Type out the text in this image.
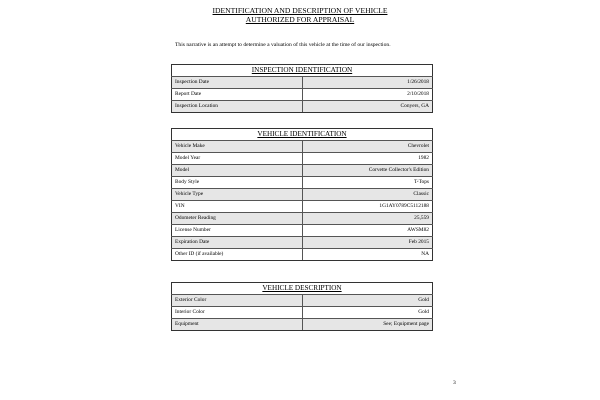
IDENTIFICATION AND DESCRIPTION OF VEHICLE
AUTHORIZED FOR APPRAISAL
This narrative is an attempt to determine a valuation of this vehicle at the time of our inspection.
INSPECTION IDENTIFICATION	
Inspection Date	1/26/2018
Report Date	2/10/2018
Inspection Location	Conyers, GA
VEHICLE IDENTIFICATION	
Vehicle Make	Chevrolet
Model Year	1982
Model	Corvette Collector's Edition
Body Style	T-Tops
Vehicle Type	Classic
VIN	1G1AY0789C5112188
Odometer Reading	25,559
License Number	AWSM82
Expiration Date	Feb 2015
Other ID (if available)	NA
VEHICLE DESCRIPTION	
Exterior Color	Gold
Interior Color	Gold
Equipment	See; Equipment page
3
